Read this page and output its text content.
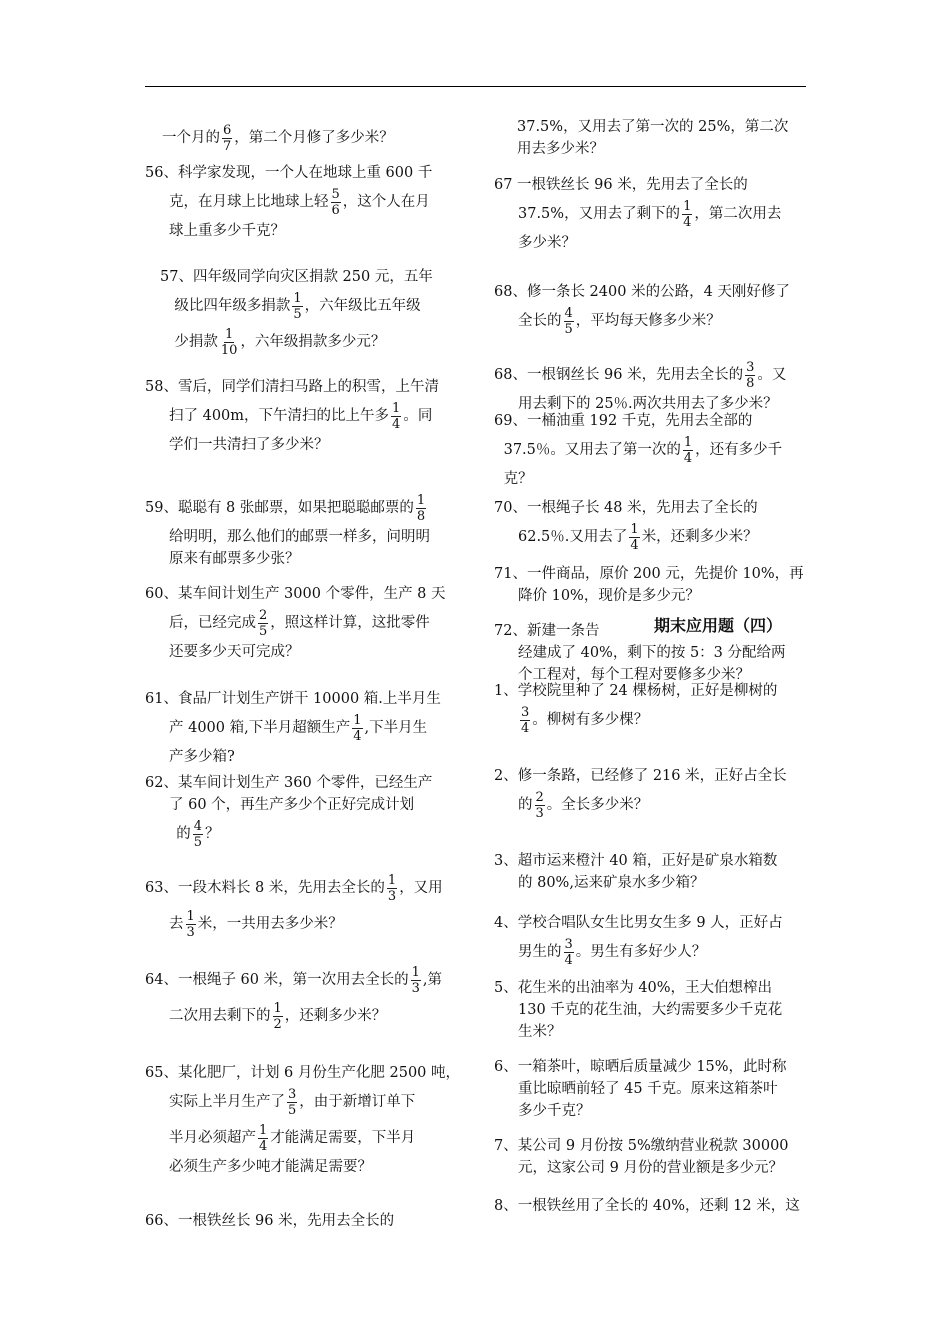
期末应用题（四）
一个月的 $\frac{6}{7}$ ，第二个月修了多少米？
56、科学家发现，一个人在地球上重 600 千
克，在月球上比地球上轻 $\frac{5}{6}$ ，这个人在月
球上重多少千克？
57、四年级同学向灾区捐款 250 元，五年
级比四年级多捐款 $\frac{1}{5}$ ，六年级比五年级
少捐款 $\frac{1}{10}$ ，六年级捐款多少元？
58、雪后，同学们清扫马路上的积雪，上午清
扫了 400m，下午清扫的比上午多 $\frac{1}{4}$ 。同
学们一共清扫了多少米？
59、聪聪有 8 张邮票，如果把聪聪邮票的 $\frac{1}{8}$
给明明，那么他们的邮票一样多，问明明
原来有邮票多少张？
60、某车间计划生产 3000 个零件，生产 8 天
后，已经完成 $\frac{2}{5}$ ，照这样计算，这批零件
还要多少天可完成？
61、食品厂计划生产饼干 10000 箱.上半月生
产 4000 箱,下半月超额生产 $\frac{1}{4}$ ,下半月生
产多少箱?
62、某车间计划生产 360 个零件，已经生产
了 60 个，再生产多少个正好完成计划
的 $\frac{4}{5}$ ？
63、一段木料长 8 米，先用去全长的 $\frac{1}{3}$ ，又用
去 $\frac{1}{3}$ 米，一共用去多少米？
64、一根绳子 60 米，第一次用去全长的 $\frac{1}{3}$ ,第
二次用去剩下的 $\frac{1}{2}$ ，还剩多少米？
65、某化肥厂，计划 6 月份生产化肥 2500 吨，
实际上半月生产了 $\frac{3}{5}$ ，由于新增订单下
半月必须超产 $\frac{1}{4}$ 才能满足需要，下半月
必须生产多少吨才能满足需要？
66、一根铁丝长 96 米，先用去全长的
37.5%，又用去了第一次的 25%，第二次
用去多少米？
67 一根铁丝长 96 米，先用去了全长的
37.5%，又用去了剩下的 $\frac{1}{4}$ ，第二次用去
多少米？
68、修一条长 2400 米的公路，4 天刚好修了
全长的 $\frac{4}{5}$ ，平均每天修多少米？
68、一根钢丝长 96 米，先用去全长的 $\frac{3}{8}$ 。又
用去剩下的 25％.两次共用去了多少米？
69、一桶油重 192 千克，先用去全部的
37.5％。又用去了第一次的 $\frac{1}{4}$ ，还有多少千
克？
70、一根绳子长 48 米，先用去了全长的
62.5％.又用去了 $\frac{1}{4}$ 米，还剩多少米？
71、一件商品，原价 200 元，先提价 10%，再
降价 10%，现价是多少元？
72、新建一条告
经建成了 40%，剩下的按 5：3 分配给两
个工程对，每个工程对要修多少米？
1、学校院里种了 24 棵杨树，正好是柳树的
$\frac{3}{4}$ 。柳树有多少棵？
2、修一条路，已经修了 216 米，正好占全长
的 $\frac{2}{3}$ 。全长多少米？
3、超市运来橙汁 40 箱，正好是矿泉水箱数
的 80%,运来矿泉水多少箱？
4、学校合唱队女生比男女生多 9 人，正好占
男生的 $\frac{3}{4}$ 。男生有多好少人？
5、花生米的出油率为 40%，王大伯想榨出
130 千克的花生油，大约需要多少千克花
生米？
6、一箱茶叶，晾晒后质量减少 15%，此时称
重比晾晒前轻了 45 千克。原来这箱茶叶
多少千克？
7、某公司 9 月份按 5%缴纳营业税款 30000
元，这家公司 9 月份的营业额是多少元？
8、一根铁丝用了全长的 40%，还剩 12 米，这
